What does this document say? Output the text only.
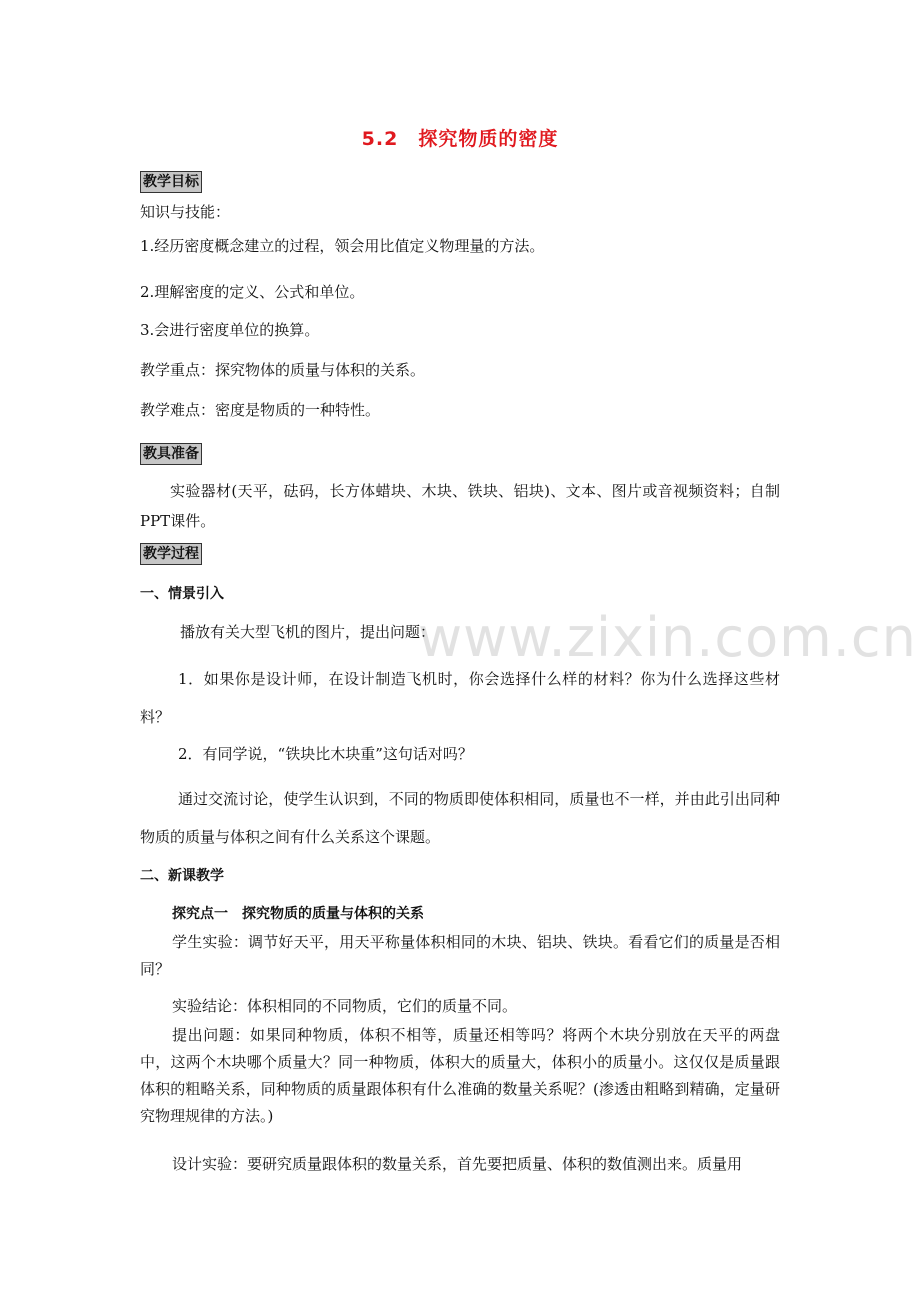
www.zixin.com.cn
5.2　探究物质的密度
教学目标
知识与技能：
1.经历密度概念建立的过程，领会用比值定义物理量的方法。
2.理解密度的定义、公式和单位。
3.会进行密度单位的换算。
教学重点：探究物体的质量与体积的关系。
教学难点：密度是物质的一种特性。
教具准备
实验器材(天平，砝码，长方体蜡块、木块、铁块、铝块)、文本、图片或音视频资料；自制PPT课件。
教学过程
一、情景引入
播放有关大型飞机的图片，提出问题：
1．如果你是设计师，在设计制造飞机时，你会选择什么样的材料？你为什么选择这些材料？
2．有同学说，“铁块比木块重”这句话对吗？
通过交流讨论，使学生认识到，不同的物质即使体积相同，质量也不一样，并由此引出同种物质的质量与体积之间有什么关系这个课题。
二、新课教学
探究点一　探究物质的质量与体积的关系
学生实验：调节好天平，用天平称量体积相同的木块、铝块、铁块。看看它们的质量是否相同？
实验结论：体积相同的不同物质，它们的质量不同。
提出问题：如果同种物质，体积不相等，质量还相等吗？将两个木块分别放在天平的两盘中，这两个木块哪个质量大？同一种物质，体积大的质量大，体积小的质量小。这仅仅是质量跟体积的粗略关系，同种物质的质量跟体积有什么准确的数量关系呢？(渗透由粗略到精确，定量研究物理规律的方法。)
设计实验：要研究质量跟体积的数量关系，首先要把质量、体积的数值测出来。质量用
